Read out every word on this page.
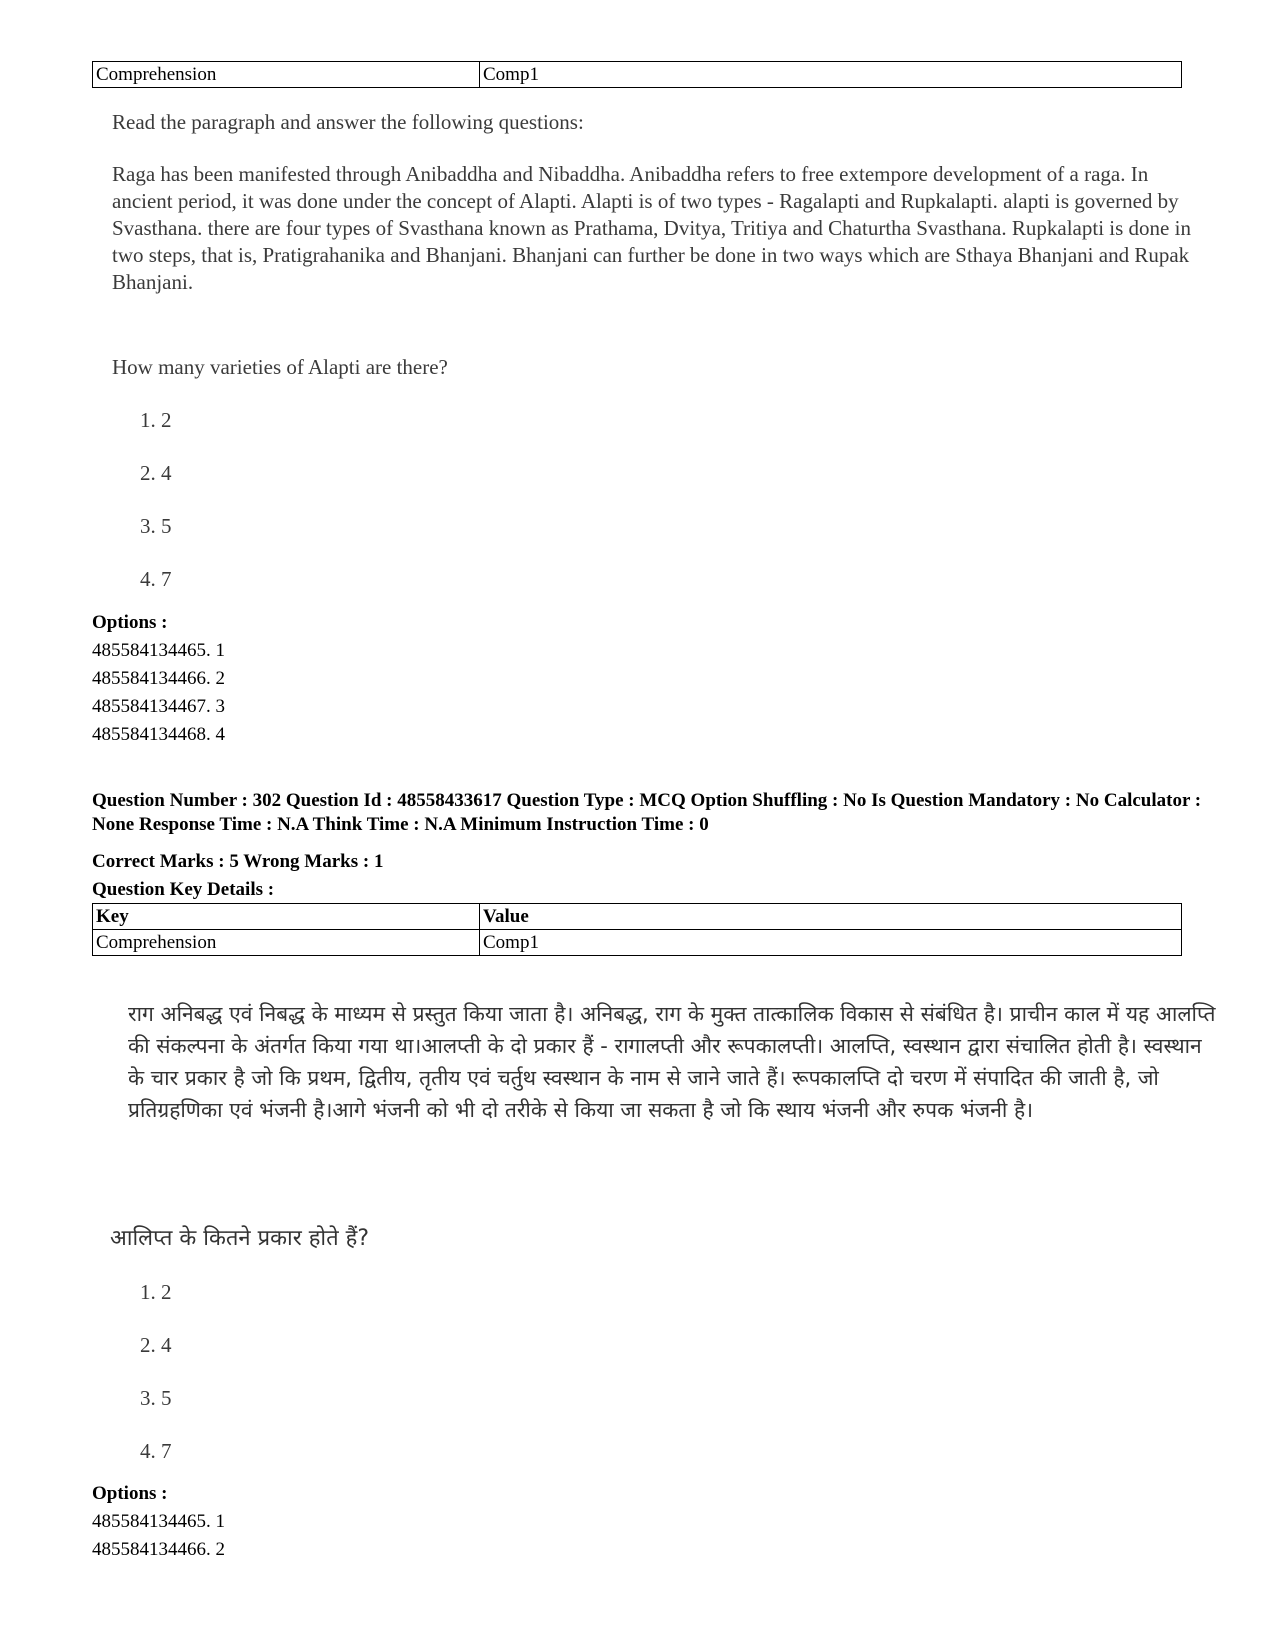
Comprehension	Comp1
Read the paragraph and answer the following questions:
Raga has been manifested through Anibaddha and Nibaddha. Anibaddha refers to free extempore development of a raga. In ancient period, it was done under the concept of Alapti. Alapti is of two types - Ragalapti and Rupkalapti. alapti is governed by Svasthana. there are four types of Svasthana known as Prathama, Dvitya, Tritiya and Chaturtha Svasthana. Rupkalapti is done in two steps, that is, Pratigrahanika and Bhanjani. Bhanjani can further be done in two ways which are Sthaya Bhanjani and Rupak Bhanjani.
How many varieties of Alapti are there?
1. 2
2. 4
3. 5
4. 7
Options :
485584134465. 1
485584134466. 2
485584134467. 3
485584134468. 4
Question Number : 302 Question Id : 48558433617 Question Type : MCQ Option Shuffling : No Is Question Mandatory : No Calculator : None Response Time : N.A Think Time : N.A Minimum Instruction Time : 0
Correct Marks : 5 Wrong Marks : 1
Question Key Details :
Key	Value
Comprehension	Comp1
राग अनिबद्ध एवं निबद्ध के माध्यम से प्रस्तुत किया जाता है। अनिबद्ध, राग के मुक्त तात्कालिक विकास से संबंधित है। प्राचीन काल में यह आलप्ति की संकल्पना के अंतर्गत किया गया था।आलप्ती के दो प्रकार हैं - रागालप्ती और रूपकालप्ती। आलप्ति, स्वस्थान द्वारा संचालित होती है। स्वस्थान के चार प्रकार है जो कि प्रथम, द्वितीय, तृतीय एवं चर्तुथ स्वस्थान के नाम से जाने जाते हैं। रूपकालप्ति दो चरण में संपादित की जाती है, जो प्रतिग्रहणिका एवं भंजनी है।आगे भंजनी को भी दो तरीके से किया जा सकता है जो कि स्थाय भंजनी और रुपक भंजनी है।
आलिप्त के कितने प्रकार होते हैं?
1. 2
2. 4
3. 5
4. 7
Options :
485584134465. 1
485584134466. 2
